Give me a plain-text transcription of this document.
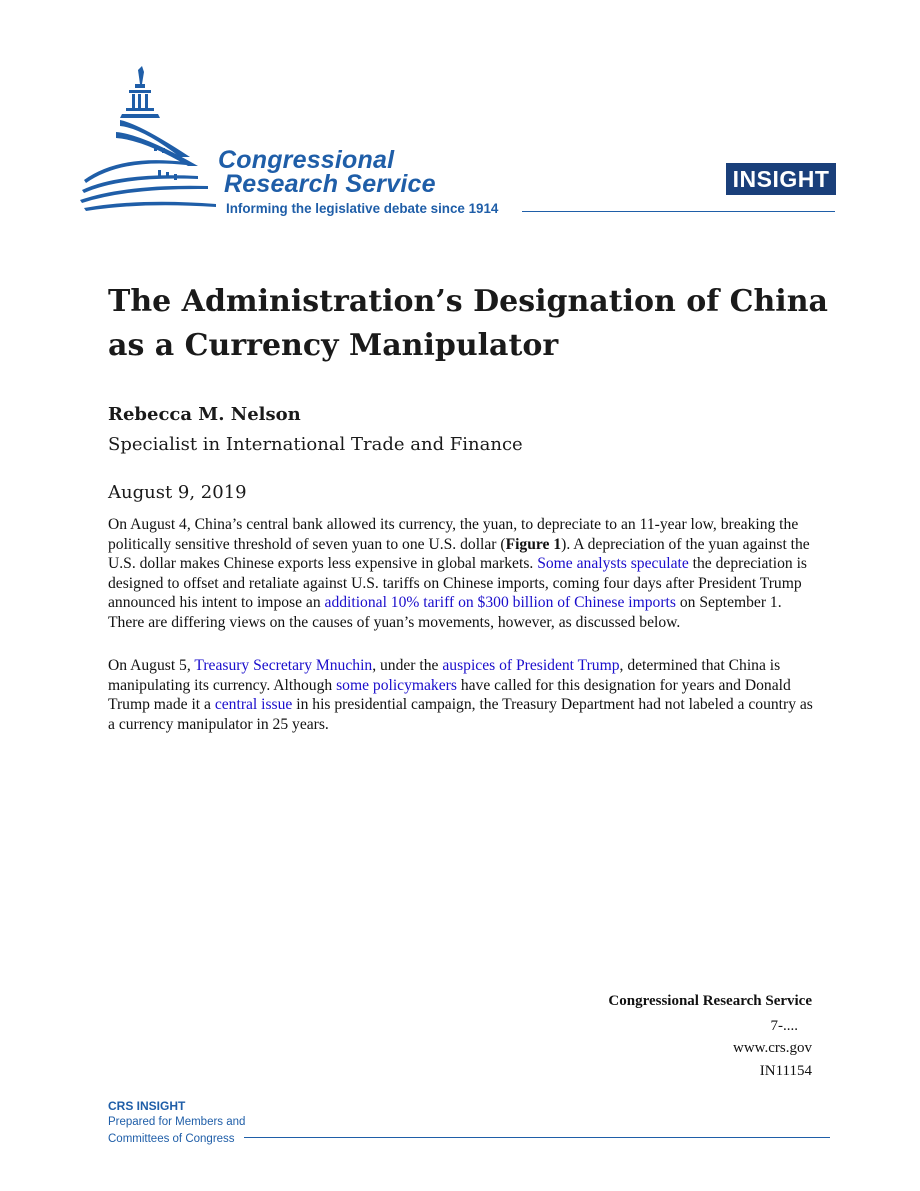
Congressional
Research Service
Informing the legislative debate since 1914
INSIGHT
The Administration’s Designation of China as a Currency Manipulator
Rebecca M. Nelson
Specialist in International Trade and Finance
August 9, 2019

On August 4, China’s central bank allowed its currency, the yuan, to depreciate to an 11-year low, breaking the politically sensitive threshold of seven yuan to one U.S. dollar (Figure 1). A depreciation of the yuan against the U.S. dollar makes Chinese exports less expensive in global markets. Some analysts speculate the depreciation is designed to offset and retaliate against U.S. tariffs on Chinese imports, coming four days after President Trump announced his intent to impose an additional 10% tariff on $300 billion of Chinese imports on September 1. There are differing views on the causes of yuan’s movements, however, as discussed below.

On August 5, Treasury Secretary Mnuchin, under the auspices of President Trump, determined that China is manipulating its currency. Although some policymakers have called for this designation for years and Donald Trump made it a central issue in his presidential campaign, the Treasury Department had not labeled a country as a currency manipulator in 25 years.

Congressional Research Service
7-....
www.crs.gov
IN11154
CRS INSIGHT
Prepared for Members and
Committees of Congress
